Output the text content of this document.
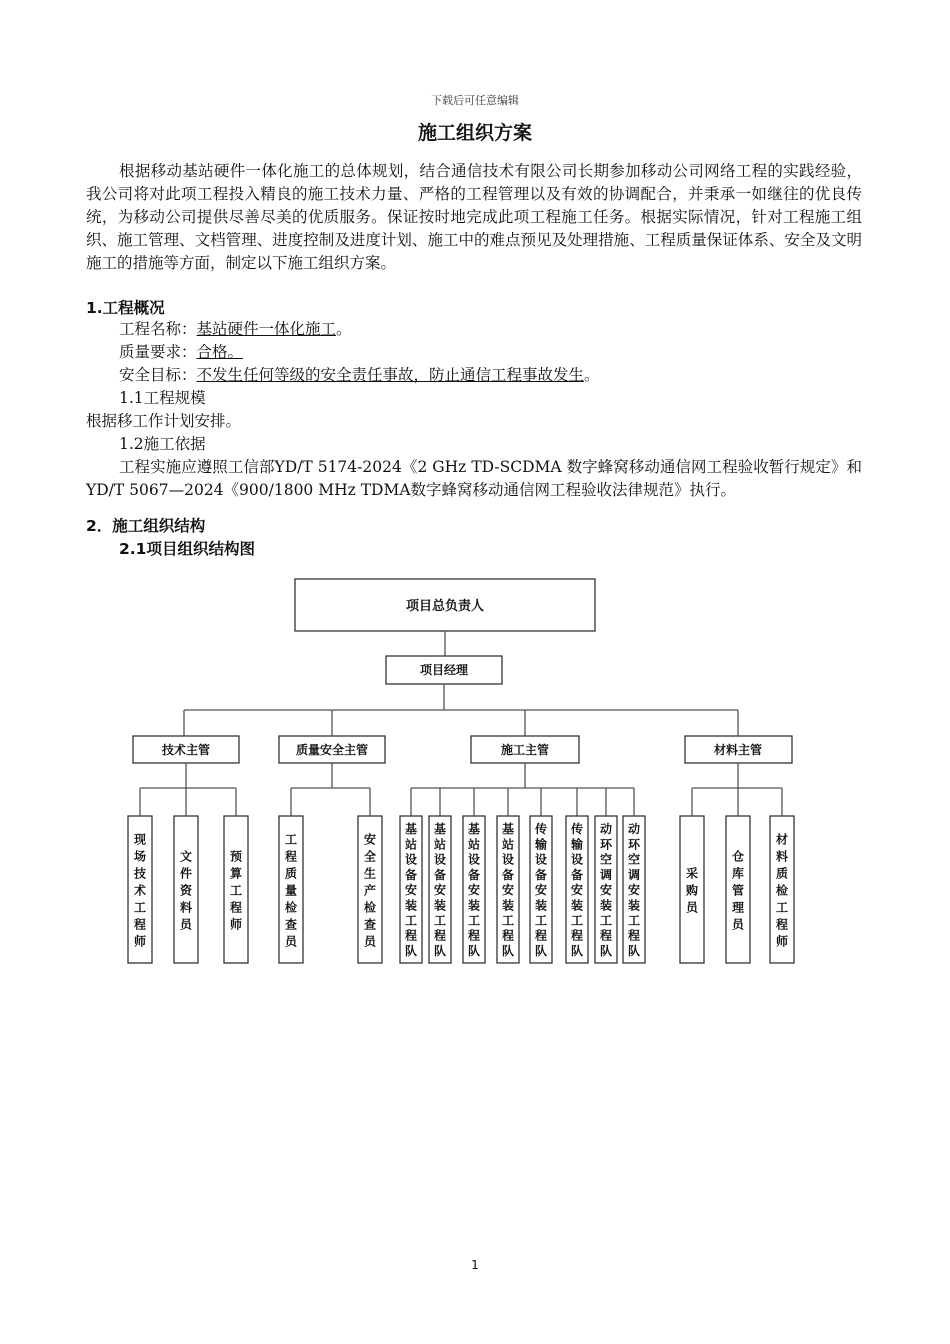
下载后可任意编辑
施工组织方案
根据移动基站硬件一体化施工的总体规划，结合通信技术有限公司长期参加移动公司网络工程的实践经验，我公司将对此项工程投入精良的施工技术力量、严格的工程管理以及有效的协调配合，并秉承一如继往的优良传统，为移动公司提供尽善尽美的优质服务。保证按时地完成此项工程施工任务。根据实际情况，针对工程施工组织、施工管理、文档管理、进度控制及进度计划、施工中的难点预见及处理措施、工程质量保证体系、安全及文明施工的措施等方面，制定以下施工组织方案。
1.工程概况
工程名称：基站硬件一体化施工。
质量要求：合格。
安全目标：不发生任何等级的安全责任事故，防止通信工程事故发生。
1.1工程规模
根据移工作计划安排。
1.2施工依据
工程实施应遵照工信部YD/T 5174-2024《2 GHz TD-SCDMA 数字蜂窝移动通信网工程验收暂行规定》和YD/T 5067—2024《900/1800 MHz TDMA数字蜂窝移动通信网工程验收法律规范》执行。
2．施工组织结构
2.1项目组织结构图
项目总负责人
项目经理
技术主管	质量安全主管	施工主管	材料主管
现场技术工程师
文件资料员
预算工程师
工程质量检查员
安全生产检查员
基站设备安装工程队
基站设备安装工程队
基站设备安装工程队
基站设备安装工程队
传输设备安装工程队
传输设备安装工程队
动环空调安装工程队
动环空调安装工程队
采购员
仓库管理员
材料质检工程师
1
